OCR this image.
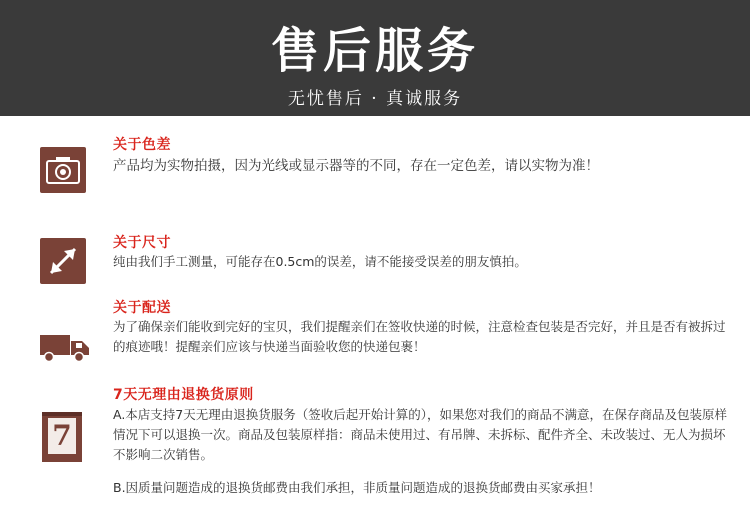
售后服务
无忧售后 · 真诚服务
关于色差
产品均为实物拍摄，因为光线或显示器等的不同，存在一定色差，请以实物为准！
关于尺寸
纯由我们手工测量，可能存在0.5cm的误差，请不能接受误差的朋友慎拍。
关于配送
为了确保亲们能收到完好的宝贝，我们提醒亲们在签收快递的时候，注意检查包装是否完好，并且是否有被拆过的痕迹哦！提醒亲们应该与快递当面验收您的快递包裹！
7
7天无理由退换货原则
A.本店支持7天无理由退换货服务（签收后起开始计算的），如果您对我们的商品不满意，在保存商品及包装原样情况下可以退换一次。商品及包装原样指：商品未使用过、有吊牌、未拆标、配件齐全、未改装过、无人为损坏不影响二次销售。
B.因质量问题造成的退换货邮费由我们承担，非质量问题造成的退换货邮费由买家承担！
